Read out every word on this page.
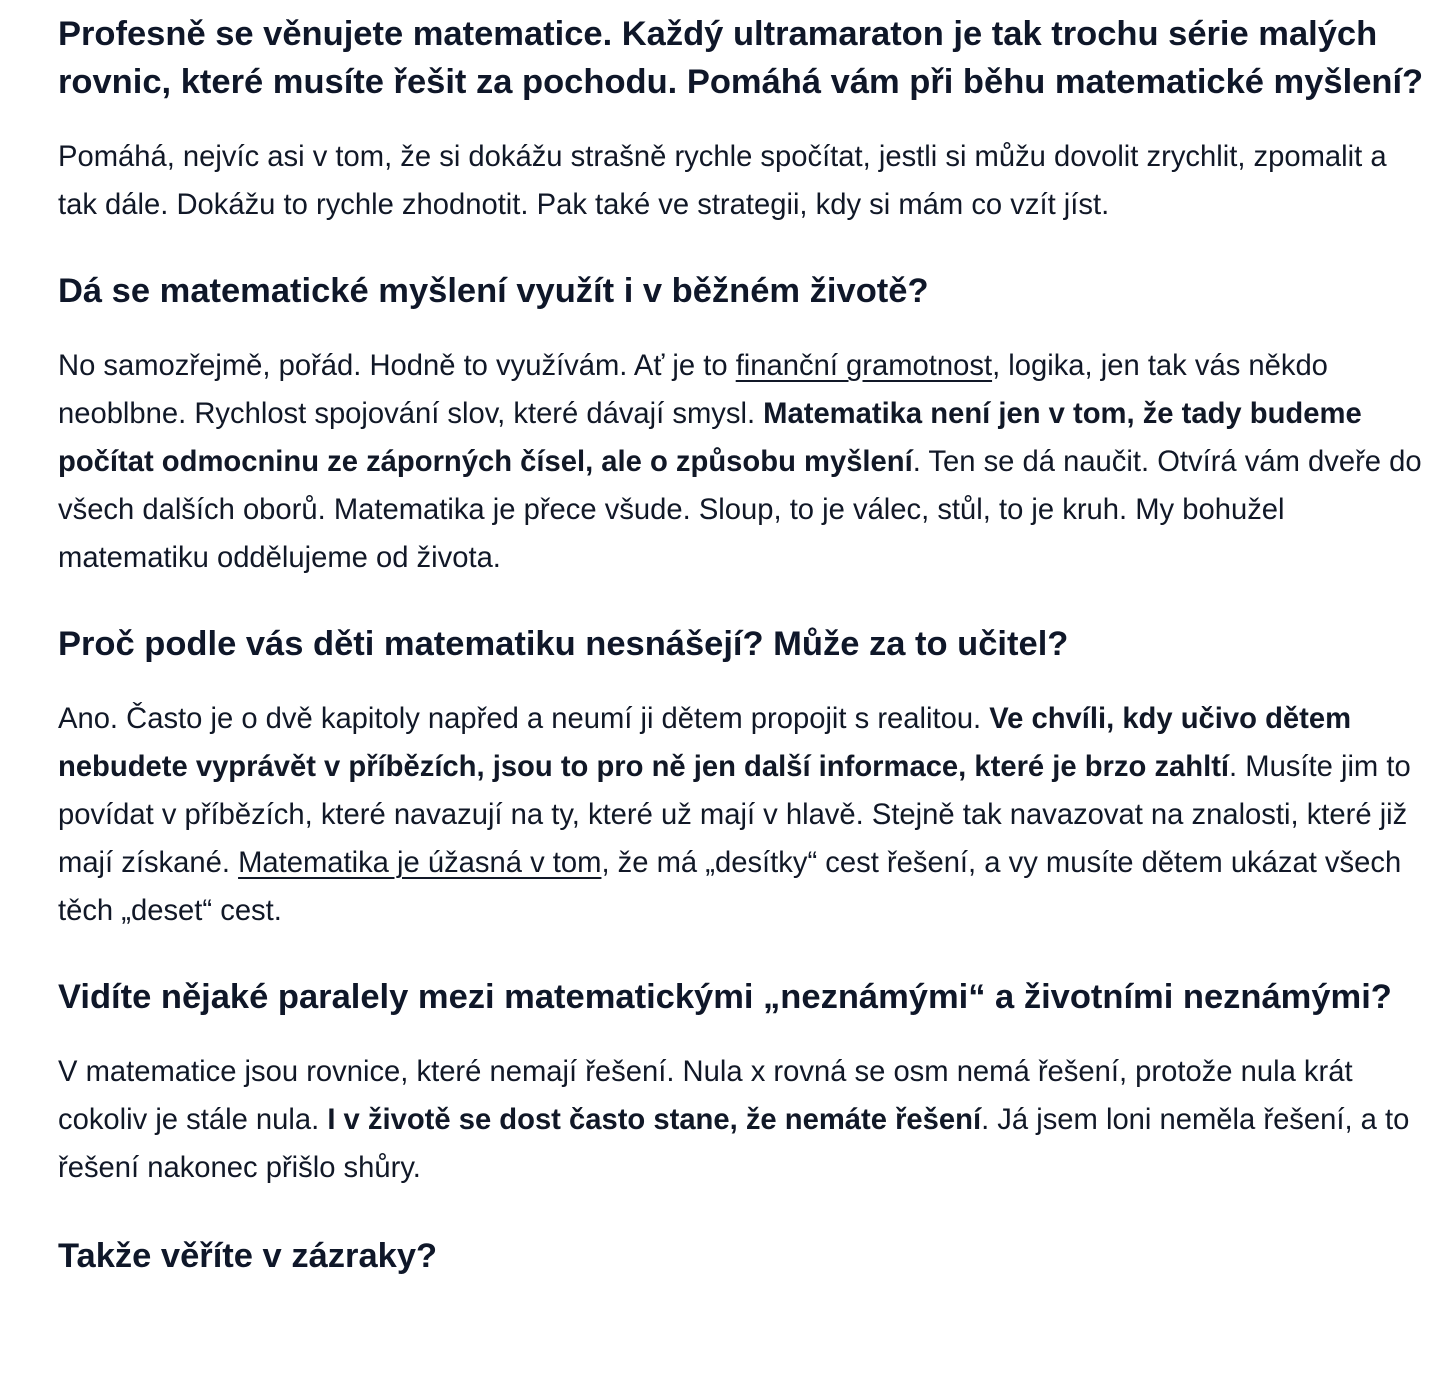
Profesně se věnujete matematice. Každý ultramaraton je tak trochu série malých rovnic, které musíte řešit za pochodu. Pomáhá vám při běhu matematické myšlení?

Pomáhá, nejvíc asi v tom, že si dokážu strašně rychle spočítat, jestli si můžu dovolit zrychlit, zpomalit a tak dále. Dokážu to rychle zhodnotit. Pak také ve strategii, kdy si mám co vzít jíst.

Dá se matematické myšlení využít i v běžném životě?

No samozřejmě, pořád. Hodně to využívám. Ať je to finanční gramotnost, logika, jen tak vás někdo neoblbne. Rychlost spojování slov, které dávají smysl. Matematika není jen v tom, že tady budeme počítat odmocninu ze záporných čísel, ale o způsobu myšlení. Ten se dá naučit. Otvírá vám dveře do všech dalších oborů. Matematika je přece všude. Sloup, to je válec, stůl, to je kruh. My bohužel matematiku oddělujeme od života.

Proč podle vás děti matematiku nesnášejí? Může za to učitel?

Ano. Často je o dvě kapitoly napřed a neumí ji dětem propojit s realitou. Ve chvíli, kdy učivo dětem nebudete vyprávět v příbězích, jsou to pro ně jen další informace, které je brzo zahltí. Musíte jim to povídat v příbězích, které navazují na ty, které už mají v hlavě. Stejně tak navazovat na znalosti, které již mají získané. Matematika je úžasná v tom, že má „desítky“ cest řešení, a vy musíte dětem ukázat všech těch „deset“ cest.

Vidíte nějaké paralely mezi matematickými „neznámými“ a životními neznámými?

V matematice jsou rovnice, které nemají řešení. Nula x rovná se osm nemá řešení, protože nula krát cokoliv je stále nula. I v životě se dost často stane, že nemáte řešení. Já jsem loni neměla řešení, a to řešení nakonec přišlo shůry.

Takže věříte v zázraky?
